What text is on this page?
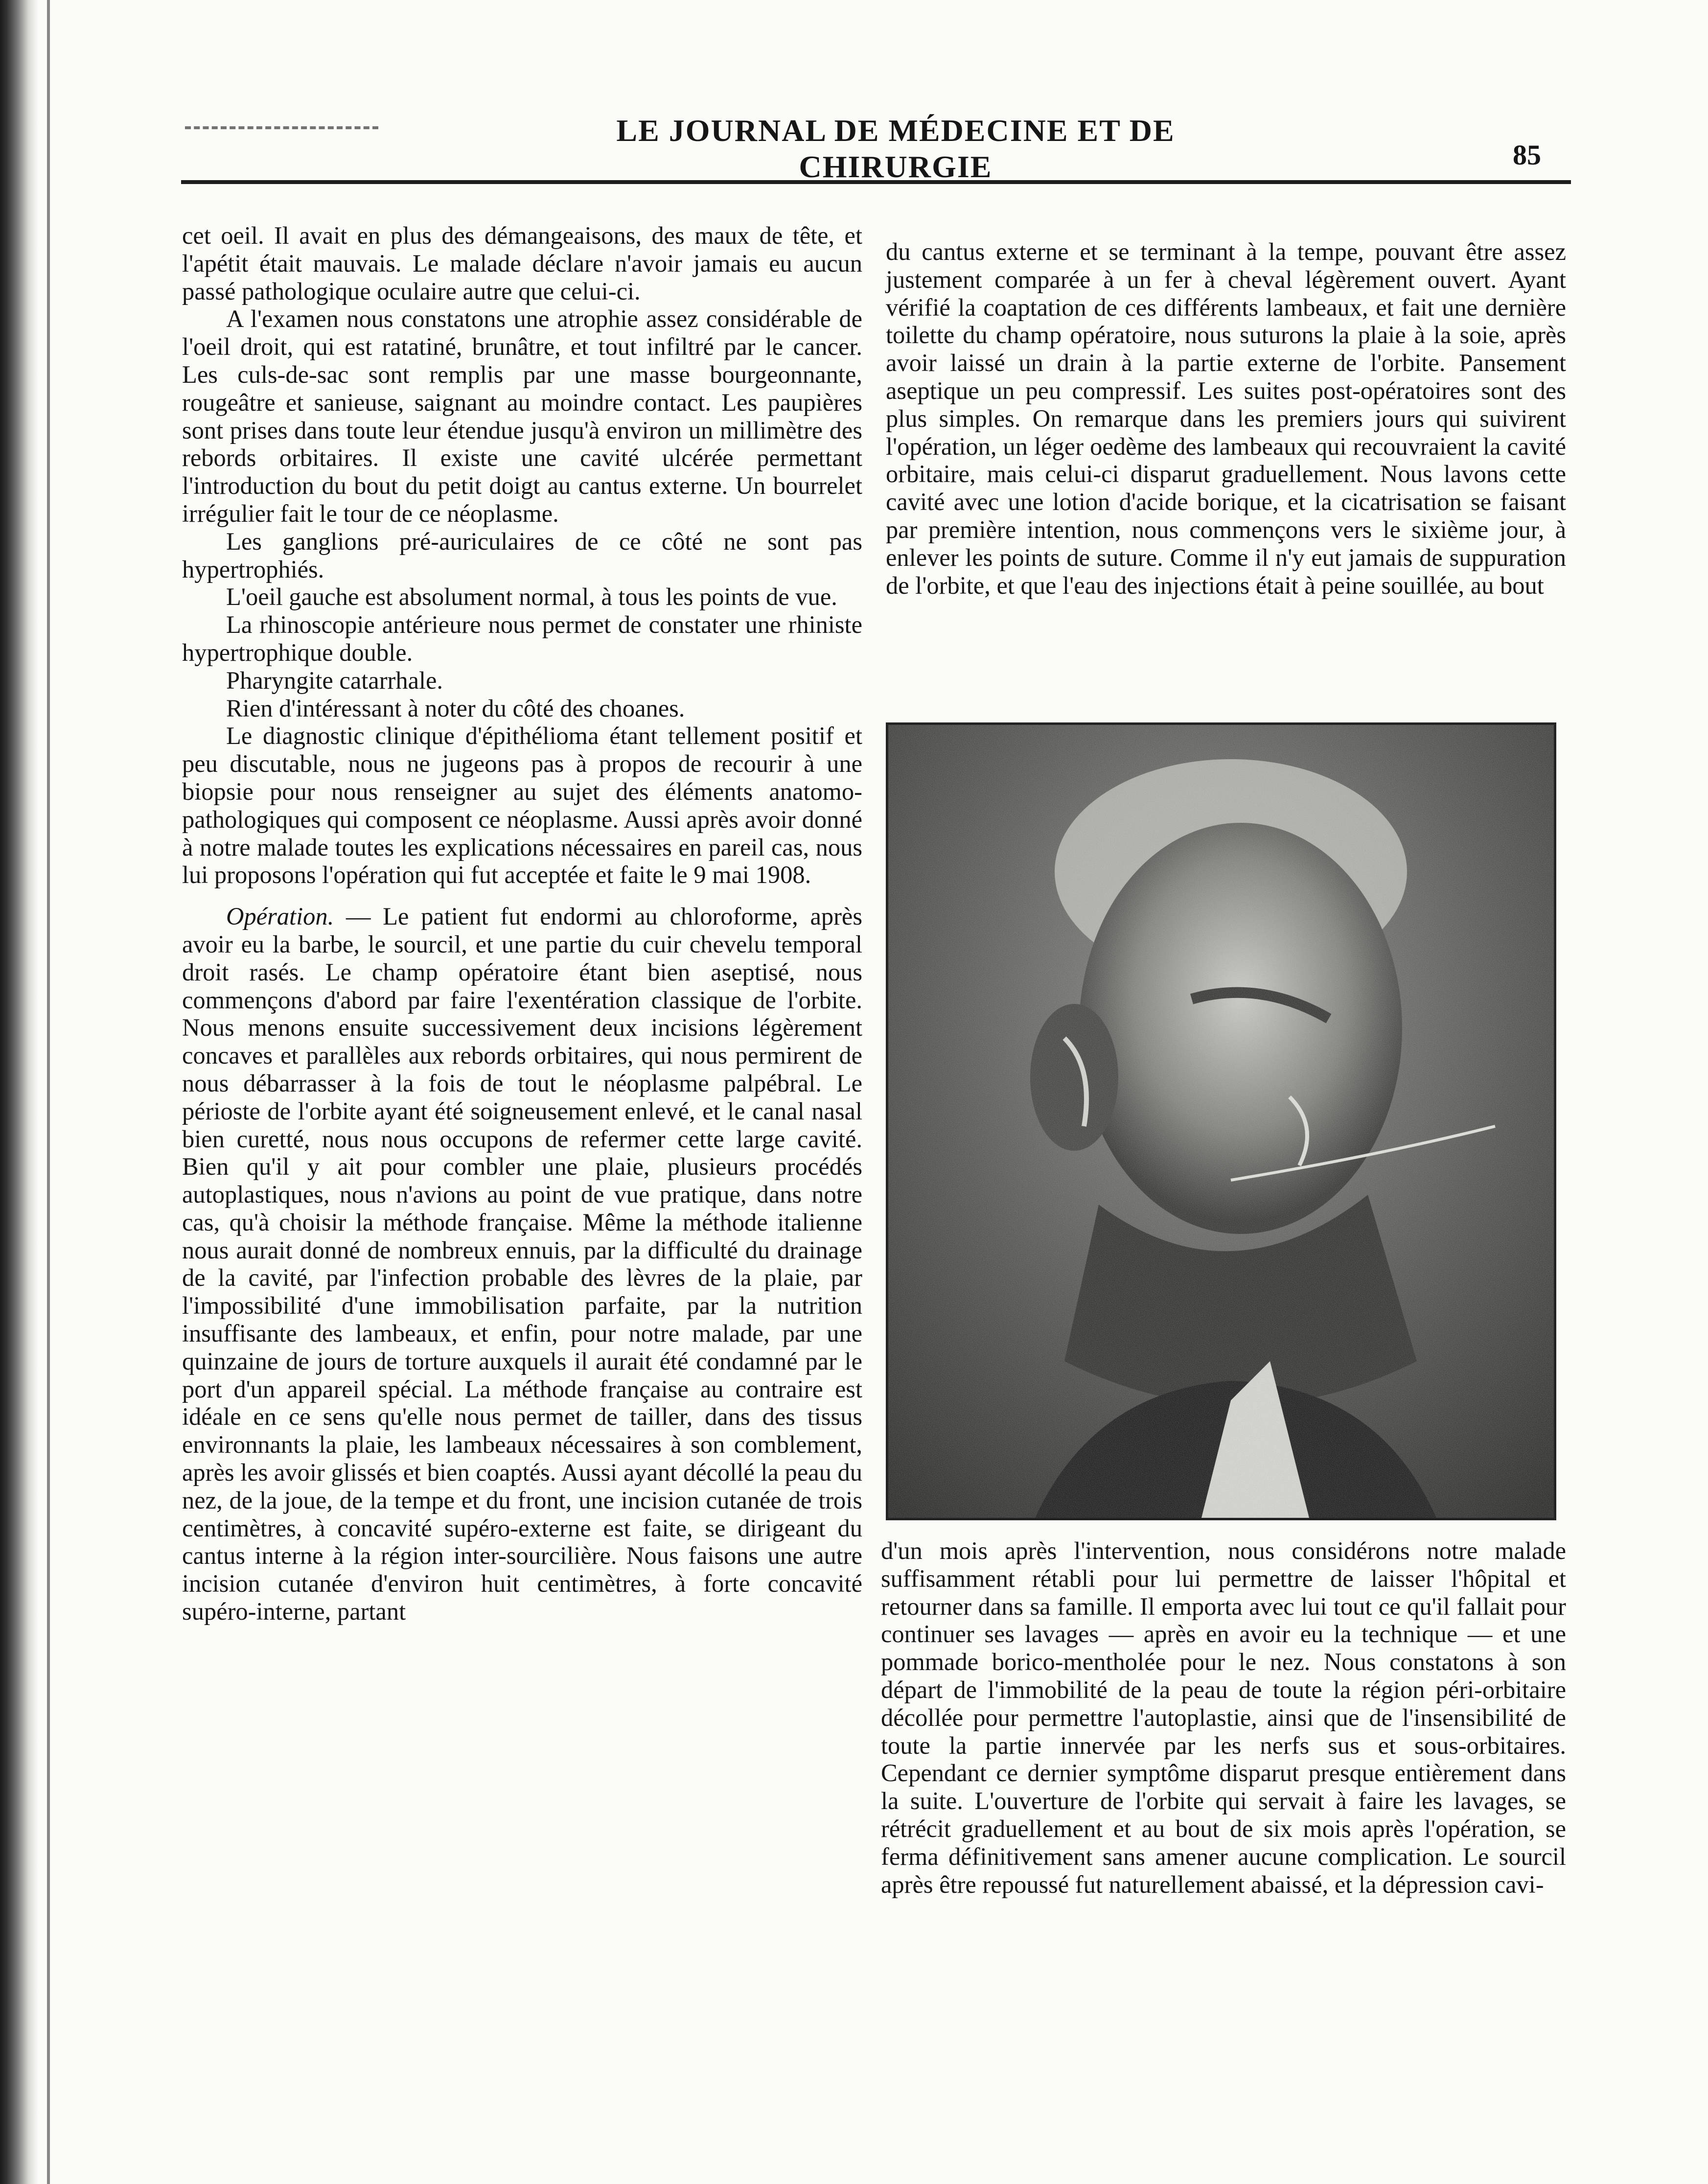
LE JOURNAL DE MÉDECINE ET DE CHIRURGIE	85

cet oeil. Il avait en plus des démangeaisons, des maux de tête, et l'apétit était mauvais. Le malade déclare n'avoir jamais eu aucun passé pathologique oculaire autre que celui-ci.

A l'examen nous constatons une atrophie assez considérable de l'oeil droit, qui est ratatiné, brunâtre, et tout infiltré par le cancer. Les culs-de-sac sont remplis par une masse bourgeonnante, rougeâtre et sanieuse, saignant au moindre contact. Les paupières sont prises dans toute leur étendue jusqu'à environ un millimètre des rebords orbitaires. Il existe une cavité ulcérée permettant l'introduction du bout du petit doigt au cantus externe. Un bourrelet irrégulier fait le tour de ce néoplasme.

Les ganglions pré-auriculaires de ce côté ne sont pas hypertrophiés.

L'oeil gauche est absolument normal, à tous les points de vue.

La rhinoscopie antérieure nous permet de constater une rhiniste hypertrophique double.

Pharyngite catarrhale.

Rien d'intéressant à noter du côté des choanes.

Le diagnostic clinique d'épithélioma étant tellement positif et peu discutable, nous ne jugeons pas à propos de recourir à une biopsie pour nous renseigner au sujet des éléments anatomo-pathologiques qui composent ce néoplasme. Aussi après avoir donné à notre malade toutes les explications nécessaires en pareil cas, nous lui proposons l'opération qui fut acceptée et faite le 9 mai 1908.

Opération. — Le patient fut endormi au chloroforme, après avoir eu la barbe, le sourcil, et une partie du cuir chevelu temporal droit rasés. Le champ opératoire étant bien aseptisé, nous commençons d'abord par faire l'exentération classique de l'orbite. Nous menons ensuite successivement deux incisions légèrement concaves et parallèles aux rebords orbitaires, qui nous permirent de nous débarrasser à la fois de tout le néoplasme palpébral. Le périoste de l'orbite ayant été soigneusement enlevé, et le canal nasal bien curetté, nous nous occupons de refermer cette large cavité. Bien qu'il y ait pour combler une plaie, plusieurs procédés autoplastiques, nous n'avions au point de vue pratique, dans notre cas, qu'à choisir la méthode française. Même la méthode italienne nous aurait donné de nombreux ennuis, par la difficulté du drainage de la cavité, par l'infection probable des lèvres de la plaie, par l'impossibilité d'une immobilisation parfaite, par la nutrition insuffisante des lambeaux, et enfin, pour notre malade, par une quinzaine de jours de torture auxquels il aurait été condamné par le port d'un appareil spécial. La méthode française au contraire est idéale en ce sens qu'elle nous permet de tailler, dans des tissus environnants la plaie, les lambeaux nécessaires à son comblement, après les avoir glissés et bien coaptés. Aussi ayant décollé la peau du nez, de la joue, de la tempe et du front, une incision cutanée de trois centimètres, à concavité supéro-externe est faite, se dirigeant du cantus interne à la région inter-sourcilière. Nous faisons une autre incision cutanée d'environ huit centimètres, à forte concavité supéro-interne, partant

du cantus externe et se terminant à la tempe, pouvant être assez justement comparée à un fer à cheval légèrement ouvert. Ayant vérifié la coaptation de ces différents lambeaux, et fait une dernière toilette du champ opératoire, nous suturons la plaie à la soie, après avoir laissé un drain à la partie externe de l'orbite. Pansement aseptique un peu compressif. Les suites post-opératoires sont des plus simples. On remarque dans les premiers jours qui suivirent l'opération, un léger oedème des lambeaux qui recouvraient la cavité orbitaire, mais celui-ci disparut graduellement. Nous lavons cette cavité avec une lotion d'acide borique, et la cicatrisation se faisant par première intention, nous commençons vers le sixième jour, à enlever les points de suture. Comme il n'y eut jamais de suppuration de l'orbite, et que l'eau des injections était à peine souillée, au bout

d'un mois après l'intervention, nous considérons notre malade suffisamment rétabli pour lui permettre de laisser l'hôpital et retourner dans sa famille. Il emporta avec lui tout ce qu'il fallait pour continuer ses lavages — après en avoir eu la technique — et une pommade borico-mentholée pour le nez. Nous constatons à son départ de l'immobilité de la peau de toute la région péri-orbitaire décollée pour permettre l'autoplastie, ainsi que de l'insensibilité de toute la partie innervée par les nerfs sus et sous-orbitaires. Cependant ce dernier symptôme disparut presque entièrement dans la suite. L'ouverture de l'orbite qui servait à faire les lavages, se rétrécit graduellement et au bout de six mois après l'opération, se ferma définitivement sans amener aucune complication. Le sourcil après être repoussé fut naturellement abaissé, et la dépression cavi-
